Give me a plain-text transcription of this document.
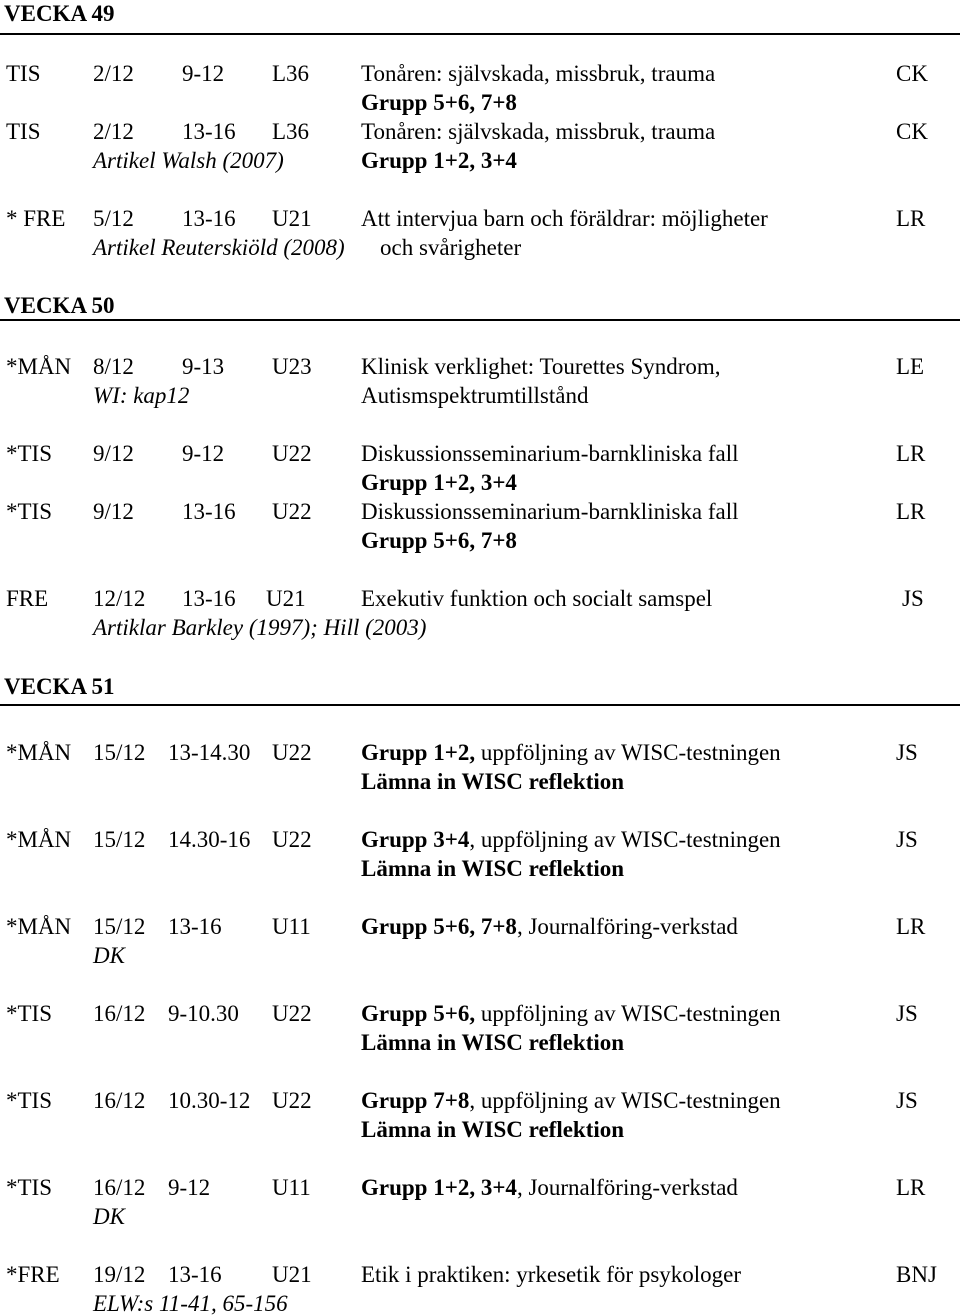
VECKA 49
TIS 2/12 9-12 L36 Tonåren: självskada, missbruk, trauma	CK
Grupp 5+6, 7+8
TIS 2/12 13-16 L36 Tonåren: självskada, missbruk, trauma	CK
Artikel Walsh (2007)	Grupp 1+2, 3+4
* FRE 5/12 13-16 U21 Att intervjua barn och föräldrar: möjligheter	LR
Artikel Reuterskiöld (2008) och svårigheter
VECKA 50
*MÅN 8/12 9-13 U23 Klinisk verklighet: Tourettes Syndrom,	LE
WI: kap12	Autismspektrumtillstånd
*TIS 9/12 9-12 U22 Diskussionsseminarium-barnkliniska fall	LR
Grupp 1+2, 3+4
*TIS 9/12 13-16 U22 Diskussionsseminarium-barnkliniska fall	LR
Grupp 5+6, 7+8
FRE 12/12 13-16 U21 Exekutiv funktion och socialt samspel	JS
Artiklar Barkley (1997); Hill (2003)
VECKA 51
*MÅN 15/12 13-14.30 U22 Grupp 1+2, uppföljning av WISC-testningen	JS
Lämna in WISC reflektion
*MÅN 15/12 14.30-16 U22 Grupp 3+4, uppföljning av WISC-testningen	JS
Lämna in WISC reflektion
*MÅN 15/12 13-16 U11 Grupp 5+6, 7+8, Journalföring-verkstad	LR
DK
*TIS 16/12 9-10.30 U22 Grupp 5+6, uppföljning av WISC-testningen	JS
Lämna in WISC reflektion
*TIS 16/12 10.30-12 U22 Grupp 7+8, uppföljning av WISC-testningen	JS
Lämna in WISC reflektion
*TIS 16/12 9-12	U11 Grupp 1+2, 3+4, Journalföring-verkstad	LR
DK
*FRE 19/12 13-16 U21 Etik i praktiken: yrkesetik för psykologer	BNJ
ELW:s 11-41, 65-156
